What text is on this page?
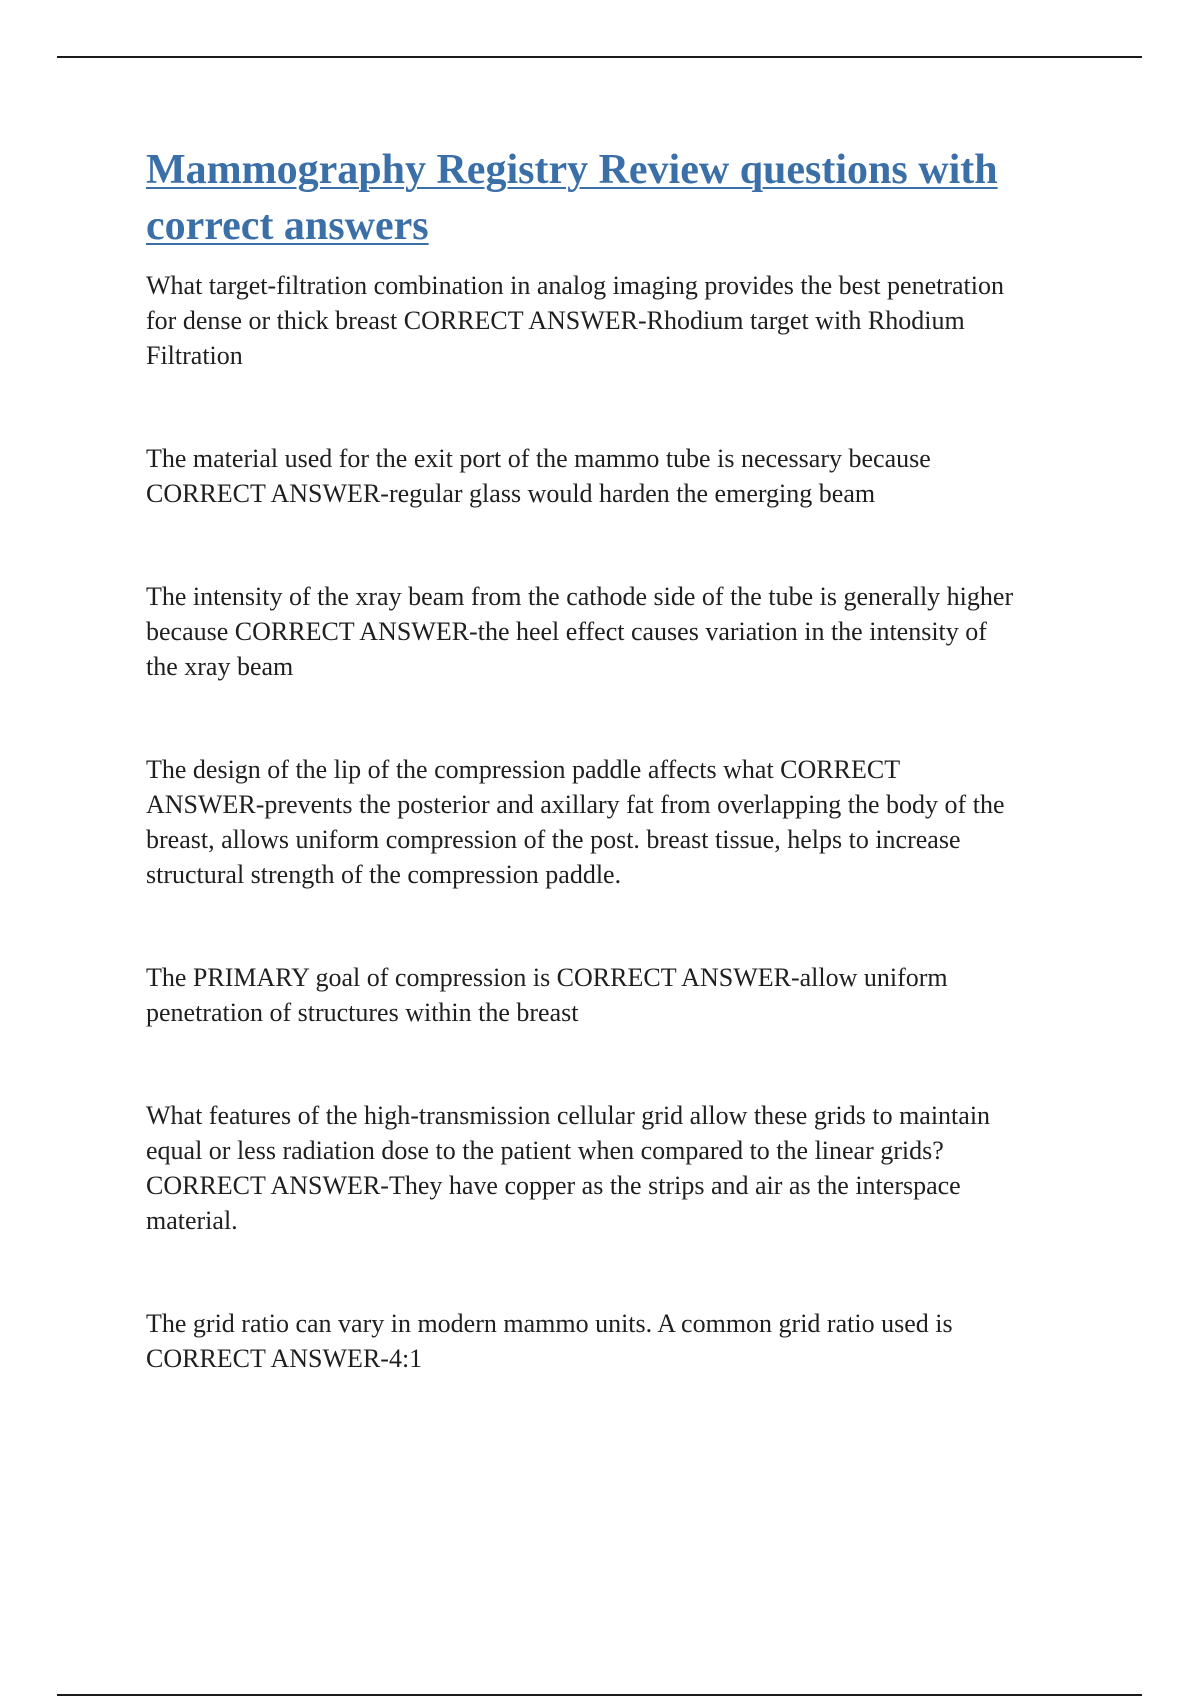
Mammography Registry Review questions with correct answers

What target-filtration combination in analog imaging provides the best penetration
for dense or thick breast CORRECT ANSWER-Rhodium target with Rhodium
Filtration

The material used for the exit port of the mammo tube is necessary because
CORRECT ANSWER-regular glass would harden the emerging beam

The intensity of the xray beam from the cathode side of the tube is generally higher
because CORRECT ANSWER-the heel effect causes variation in the intensity of
the xray beam

The design of the lip of the compression paddle affects what CORRECT
ANSWER-prevents the posterior and axillary fat from overlapping the body of the
breast, allows uniform compression of the post. breast tissue, helps to increase
structural strength of the compression paddle.

The PRIMARY goal of compression is CORRECT ANSWER-allow uniform
penetration of structures within the breast

What features of the high-transmission cellular grid allow these grids to maintain
equal or less radiation dose to the patient when compared to the linear grids?
CORRECT ANSWER-They have copper as the strips and air as the interspace
material.

The grid ratio can vary in modern mammo units. A common grid ratio used is
CORRECT ANSWER-4:1
